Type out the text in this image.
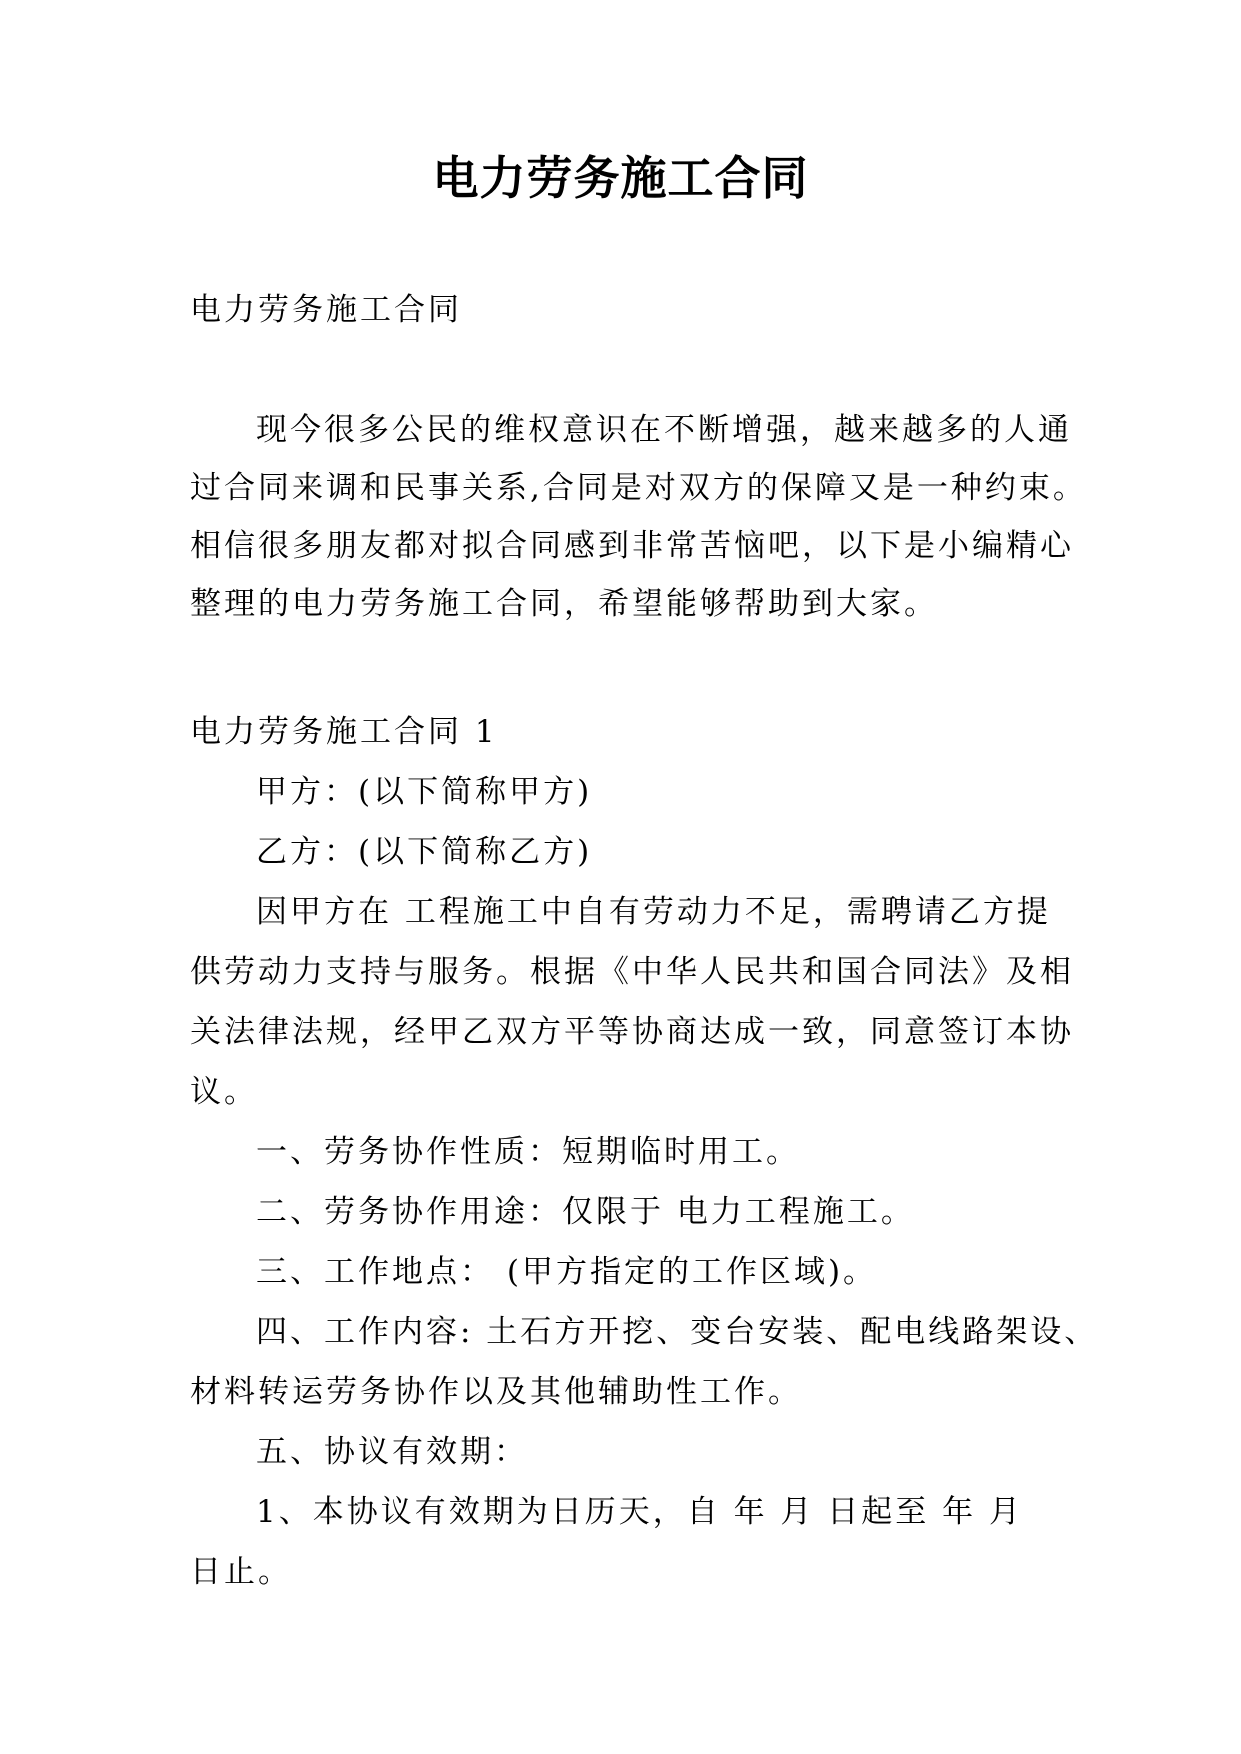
电力劳务施工合同
电力劳务施工合同
现今很多公民的维权意识在不断增强，越来越多的人通
过合同来调和民事关系,合同是对双方的保障又是一种约束。
相信很多朋友都对拟合同感到非常苦恼吧，以下是小编精心
整理的电力劳务施工合同，希望能够帮助到大家。
电力劳务施工合同 1
甲方：(以下简称甲方)
乙方：(以下简称乙方)
因甲方在 工程施工中自有劳动力不足，需聘请乙方提
供劳动力支持与服务。根据《中华人民共和国合同法》及相
关法律法规，经甲乙双方平等协商达成一致，同意签订本协
议。
一、劳务协作性质：短期临时用工。
二、劳务协作用途：仅限于 电力工程施工。
三、工作地点： (甲方指定的工作区域)。
四、工作内容: 土石方开挖、变台安装、配电线路架设、
材料转运劳务协作以及其他辅助性工作。
五、协议有效期：
1、本协议有效期为日历天，自 年 月 日起至 年 月
日止。
